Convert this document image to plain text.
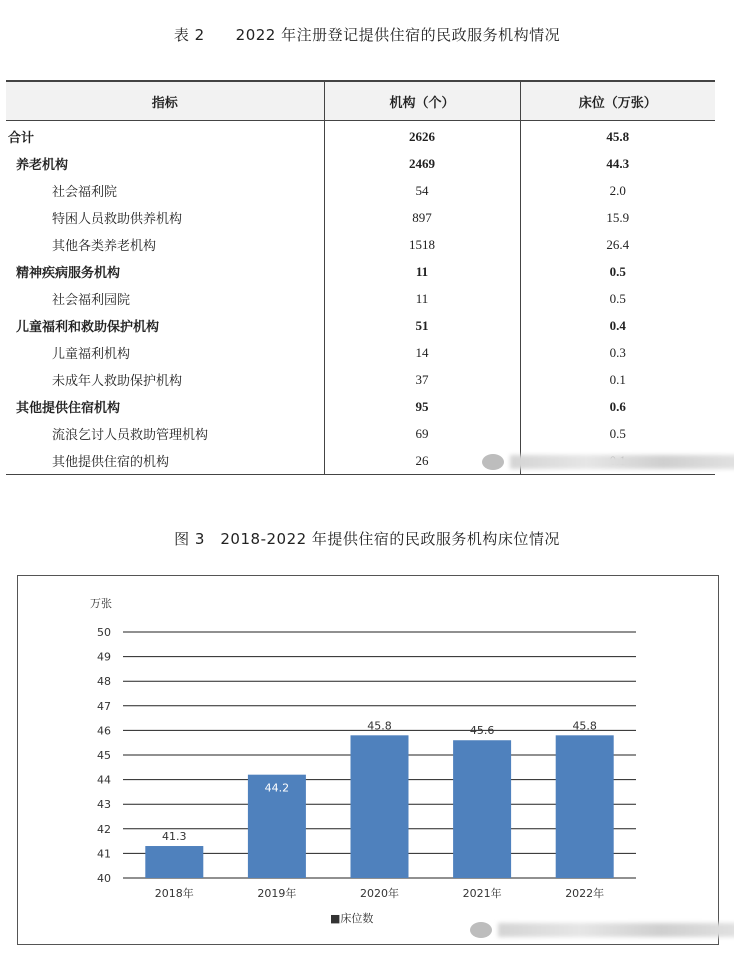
表 2　　2022 年注册登记提供住宿的民政服务机构情况
指标	机构（个）	床位（万张）
合计	2626	45.8
养老机构	2469	44.3
社会福利院	54	2.0
特困人员救助供养机构	897	15.9
其他各类养老机构	1518	26.4
精神疾病服务机构	11	0.5
社会福利园院	11	0.5
儿童福利和救助保护机构	51	0.4
儿童福利机构	14	0.3
未成年人救助保护机构	37	0.1
其他提供住宿机构	95	0.6
流浪乞讨人员救助管理机构	69	0.5
其他提供住宿的机构	26	
图 3　2018-2022 年提供住宿的民政服务机构床位情况
万张
40
41
42
43
44
45
46
47
48
49
50
41.3
2018年
44.2
2019年
45.8
2020年
45.6
2021年
45.8
2022年
■床位数
